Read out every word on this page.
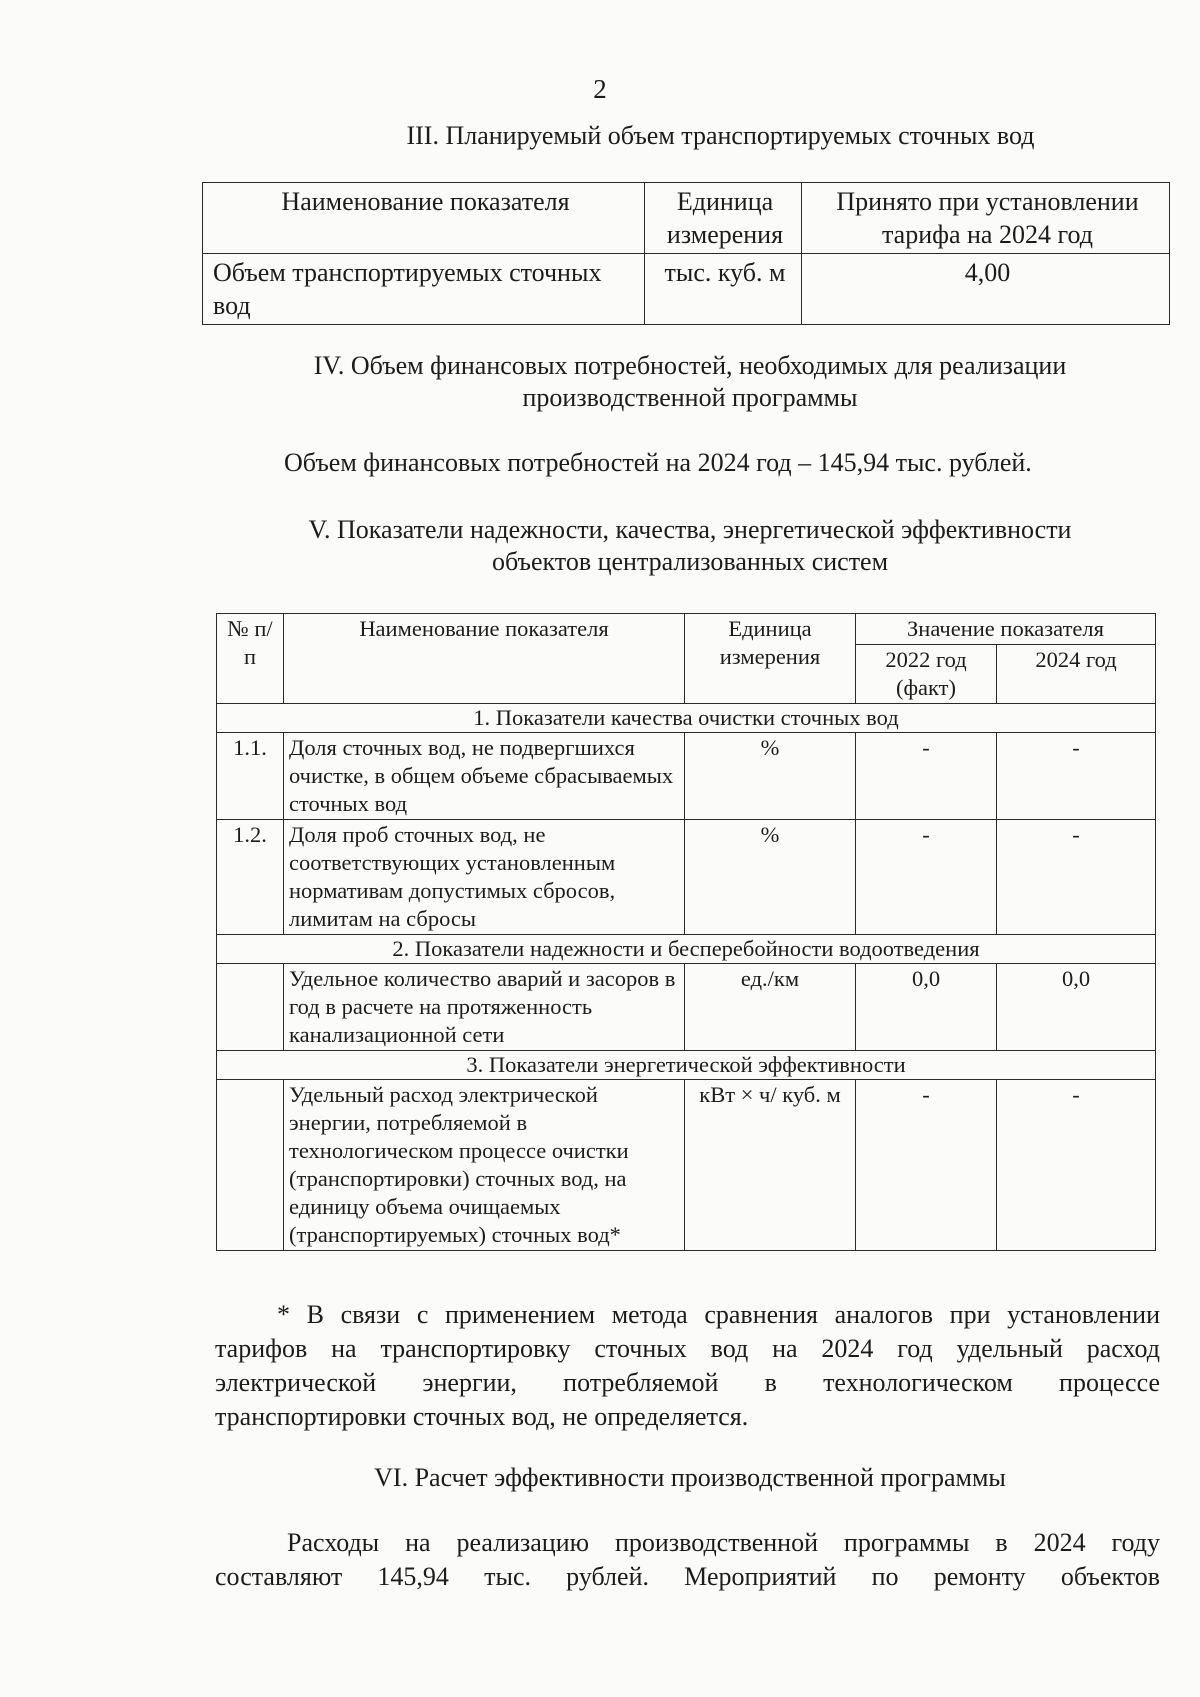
2
III. Планируемый объем транспортируемых сточных вод
Наименование показателя	Единица измерения	Принято при установлении тарифа на 2024 год
Объем транспортируемых сточных вод	тыс. куб. м	4,00
IV. Объем финансовых потребностей, необходимых для реализации
производственной программы
Объем финансовых потребностей на 2024 год – 145,94 тыс. рублей.
V. Показатели надежности, качества, энергетической эффективности
объектов централизованных систем
№ п/п	Наименование показателя	Единица измерения	Значение показателя	
			2022 год (факт)	2024 год
1. Показатели качества очистки сточных вод				
1.1.	Доля сточных вод, не подвергшихся очистке, в общем объеме сбрасываемых сточных вод	%	-	-
1.2.	Доля проб сточных вод, не соответствующих установленным нормативам допустимых сбросов, лимитам на сбросы	%	-	-
2. Показатели надежности и бесперебойности водоотведения				
	Удельное количество аварий и засоров в год в расчете на протяженность канализационной сети	ед./км	0,0	0,0
3. Показатели энергетической эффективности				
	Удельный расход электрической энергии, потребляемой в технологическом процессе очистки (транспортировки) сточных вод, на единицу объема очищаемых (транспортируемых) сточных вод*	кВт × ч/ куб. м	-	-
* В связи с применением метода сравнения аналогов при установлении
тарифов на транспортировку сточных вод на 2024 год удельный расход
электрической энергии, потребляемой в технологическом процессе
транспортировки сточных вод, не определяется.
VI. Расчет эффективности производственной программы
Расходы на реализацию производственной программы в 2024 году
составляют 145,94 тыс. рублей. Мероприятий по ремонту объектов
